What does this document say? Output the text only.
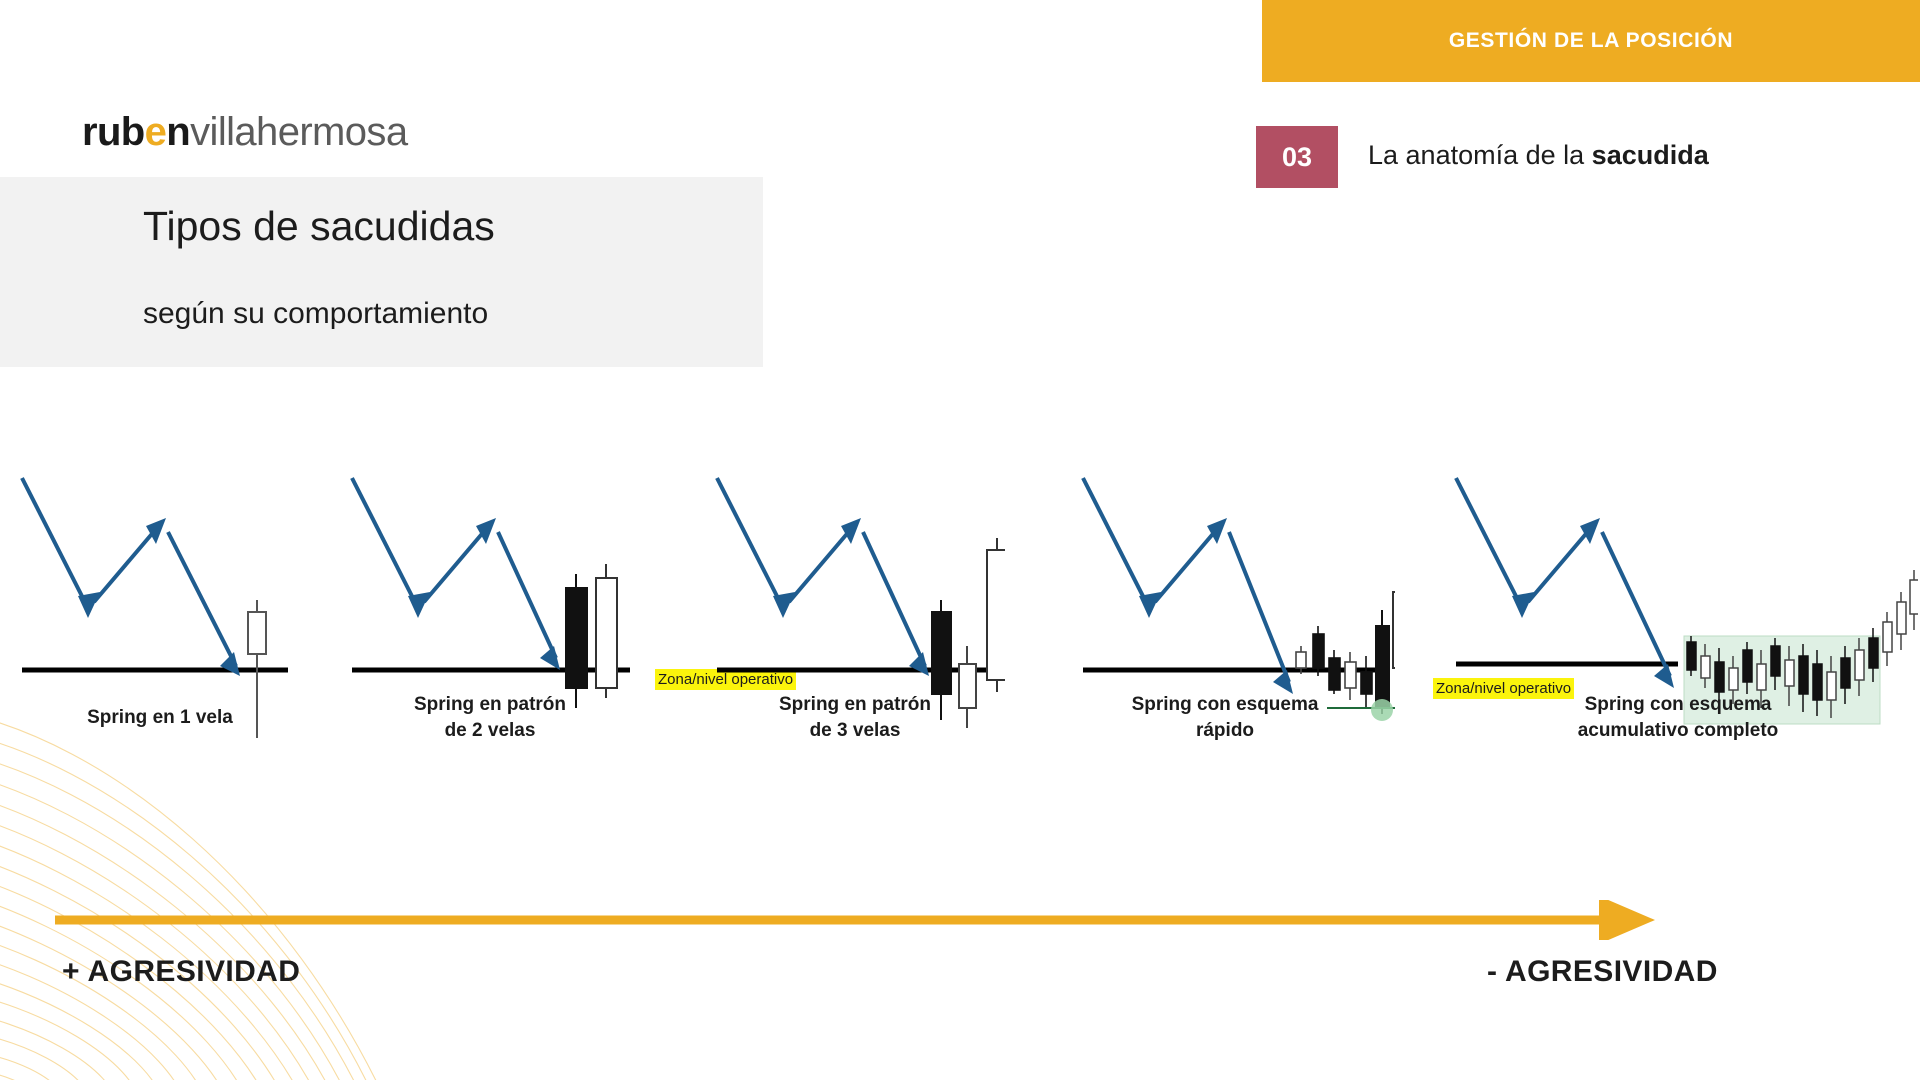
GESTIÓN DE LA POSICIÓN
03 La anatomía de la sacudida
rubenvillahermosa
Tipos de sacudidas
según su comportamiento
Spring en 1 vela
Spring en patrón
de 2 velas
Zona/nivel operativo
Spring en patrón
de 3 velas
Spring con esquema
rápido
Zona/nivel operativo
Spring con esquema
acumulativo completo
+ AGRESIVIDAD	- AGRESIVIDAD
